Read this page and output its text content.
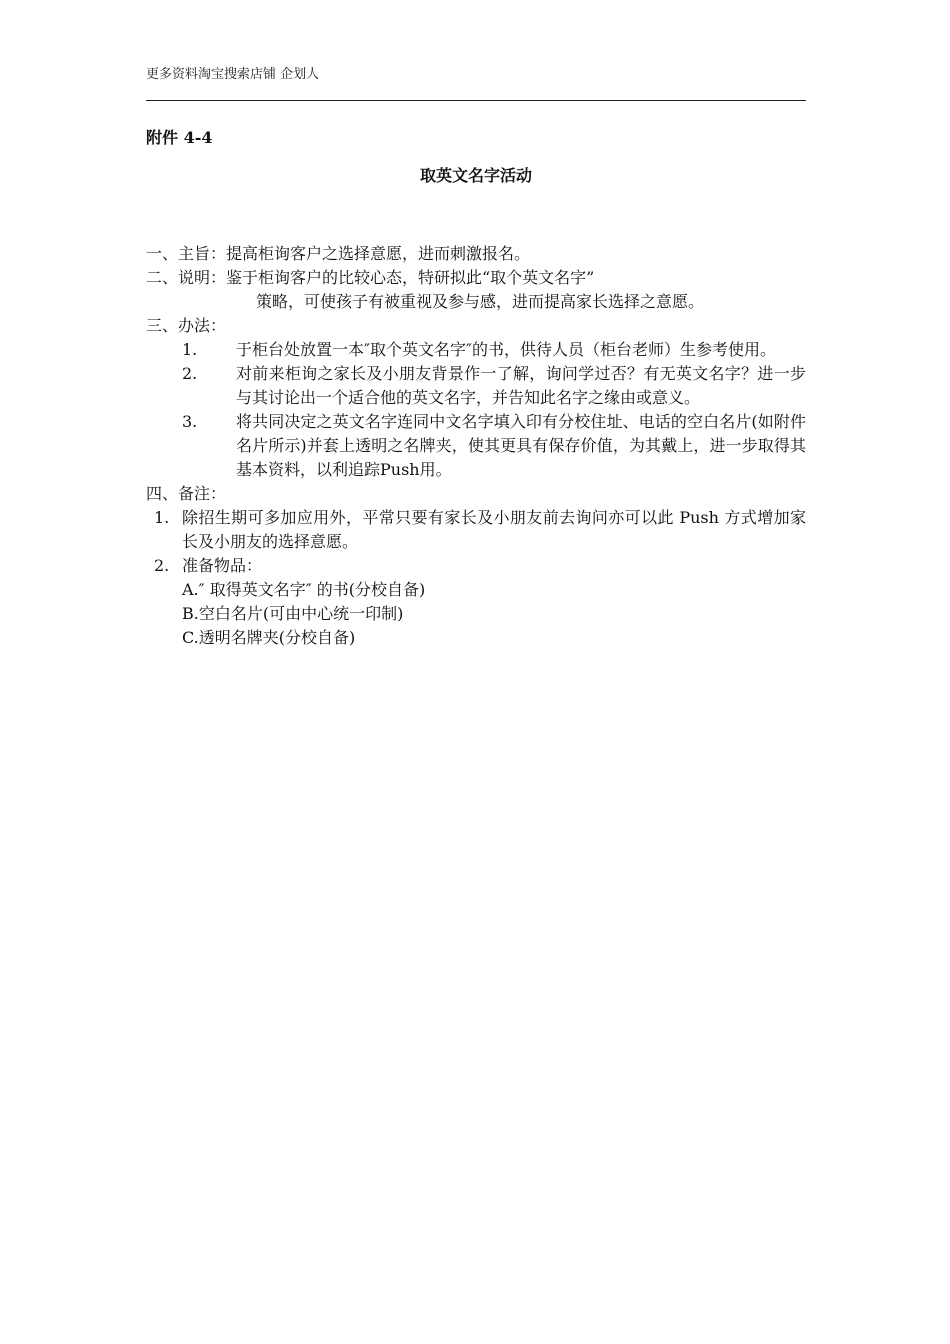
更多资料淘宝搜索店铺 企划人
附件 4-4
取英文名字活动
一、主旨：提高柜询客户之选择意愿，进而刺激报名。
二、说明：鉴于柜询客户的比较心态，特研拟此“取个英文名字”
策略，可使孩子有被重视及参与感，进而提高家长选择之意愿。
三、办法：
1.	于柜台处放置一本″取个英文名字″的书，供待人员（柜台老师）生参考使用。
2.	对前来柜询之家长及小朋友背景作一了解，询问学过否？有无英文名字？进一步与其讨论出一个适合他的英文名字，并告知此名字之缘由或意义。
3.	将共同决定之英文名字连同中文名字填入印有分校住址、电话的空白名片(如附件名片所示)并套上透明之名牌夹，使其更具有保存价值，为其戴上，进一步取得其基本资料，以利追踪Push用。
四、备注：
1. 除招生期可多加应用外，平常只要有家长及小朋友前去询问亦可以此 Push 方式增加家长及小朋友的选择意愿。
2. 准备物品：
A.″ 取得英文名字″ 的书(分校自备)
B.空白名片(可由中心统一印制)
C.透明名牌夹(分校自备)
